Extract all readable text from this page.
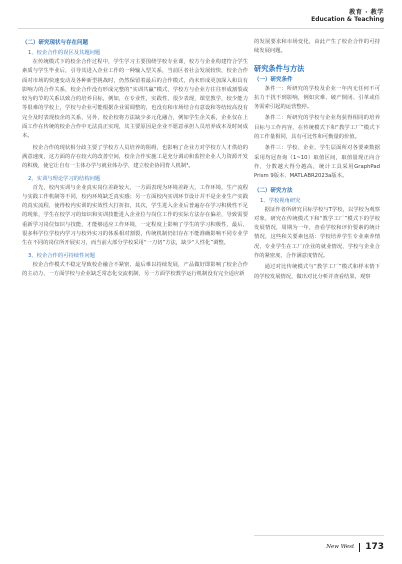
教育 · 教学
Education & Teaching
（二）研究现状与存在问题
1、校企合作的误区及其题问题

在传统模式下的校企合作过程中，学生学习主要围绕学校专业课，校方与企业构建符合学生素质与学生毕业后，引导其进入企业工作的一种输入型关系，当前区者社会发展较快，校企合作面对市场的快速变动及各种新型挑战时，仍然保留着最后的合作模式，尚未形成更加深入和具有影响力的合作关系，校企合作没有形成完整的“实训共赢”模式，学校方与企业方往往形成割裂或较为的节的关系以致合的培养目标，例如，在专业性，实践性，很少表现，课堂教学，较少能力等很难的学校上，学校与企业可能根据企业需调整的，也没有和市场结合有意设和等结较高没有完全及时表现校企的关系，另外，校企校将方法缺少多元化融合，例如学生企关系，企业仅在上面工作在传统的校企合作中无法真正实现，其主要原因是企业不愿意承担人员培养成本及时间成本。

校企合作的现状相分歧主要了学校方人员培养的阻碍，也影响了企业方对学校方人才供给的满意速度，这方面的存在较大的改善空间，校企合作实施工是充分调动和监控企业人力资源开发的积极，使它让自有一主体办学与就业体办学，建立校企协同育人机制³。

2、实训与理论学习的结构问题

首先，校内实训与企业真实岗位差距较大，一方面表现为环境差距大，工作环境，生产流程与实践工作机制等不同，校内环境缺乏真实感；另一方面校内实训环节设计并不是企业生产实践的真实流程，使得校内实训的实效性大打折扣，其次，学生进入企业后普遍存在学习积极性不足的现象，学生在校学习的知识和实训技能进入企业位与岗位工作的实际方法存在偏差，导致需要重新学习岗位知识与技能，才能够适应工作环境，一定程度上影响了学生的学习积极性，最后，很多科学位学校内学习与校外实习的体系相对割裂，传统机制仍旧存在不能准确影响不同专业学生在不同的岗位所开展实习，而当前大部分学校采用“一刀切”方法，缺少“人性化”调整。

3、校企合作的可持续性问题

校企合作模式不稳定导致校企融合不紧密，最后难以持续发展，产品做好即影响了校企合作的主动力，一方面学校与企业缺乏常态化交流机制，另一方面学校教学运行机制没有完全适应新

的发展要求和市场变化，由此产生了校企合作的可持续发展问题。

研究条件与方法
（一）研究条件

条件一：所研究的学校及企业一年内无任何不可抗力干扰不到影响，例如灾难、破产倒闭、引革或任务需索引起的运营整停。

条件二：所研究的学校与企业均获得相同的培养目标与工作内容，在传统模式下和“教学工厂”模式下的工作量相同，具有可比性和可衡量的价值。

条件三：学校、企业、学生层面所对各要素数据采用均冠查询（1~10）取值区间，取值量现正向合作，分数越大得分越高，统计工具采用GraphPad Prism 9版本、MATLABR2023a版本。

（二）研究方法
1、学校视角研究

据证作者所研究目标学校与T学校，以学校为观察对象，研究在传统模式下和“教学工厂”模式下的学校发展情况，周期为一年，查看学校和评价要素的统计情况，这些和关要素包括：学校培养学生专业素养情况、专业学生在工厂/企业的就业情况、学校与企业合作的紧密度、合作满意度情况。

通过对比传统模式与“教学工厂”模式和样本情下的学校发展情况，做出对比分析并查看结果，观察

New West 173
